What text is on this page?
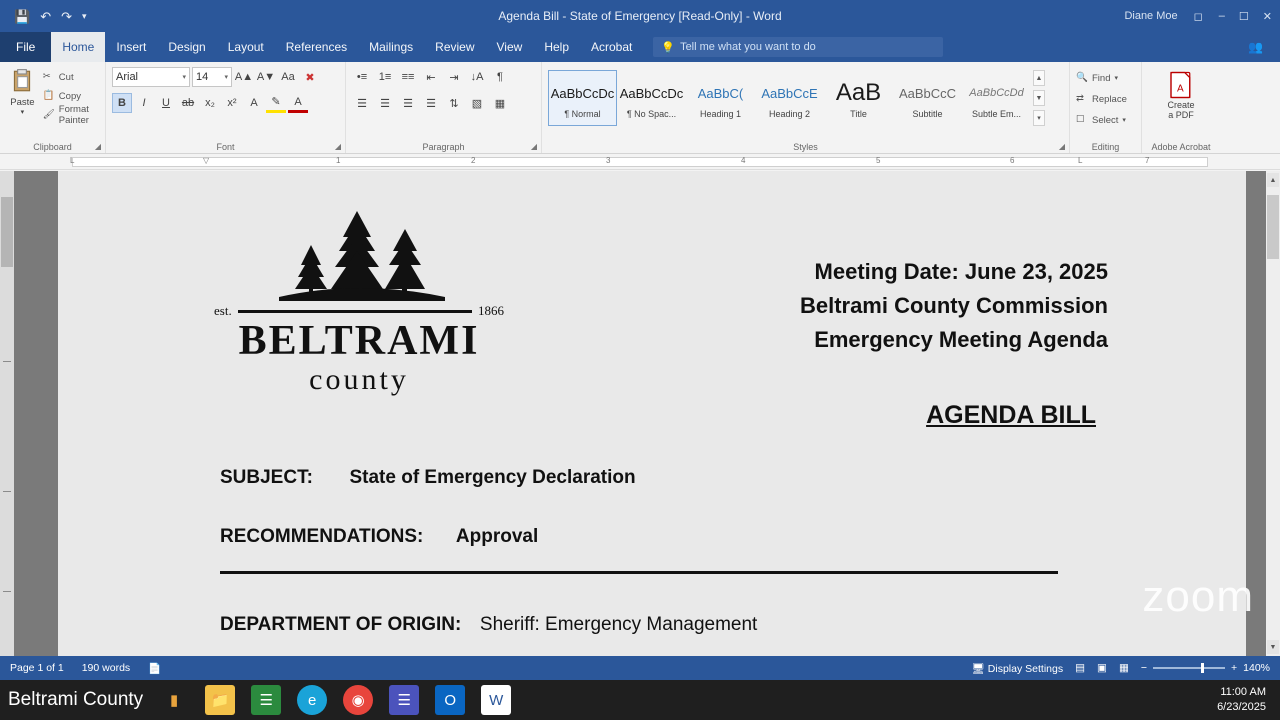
💾 ↶ ↷ ▾	Agenda Bill - State of Emergency [Read-Only] - Word	Diane Moe ◻ – ☐ ✕
File	Home	Insert	Design	Layout	References	Mailings	Review	View	Help	Acrobat	💡 Tell me what you want to do	👥
Paste
▾
✂ Cut
📋 Copy
🖌 Format Painter
Clipboard	◢
Arial	▾ 14 ▾ A▲ A▼ Aa ✖
B I U ab x₂	x²	A	✎	A
Font	◢
•≡	1≡ ≡≡	⇤	⇥	↓A	¶
☰	☰	☰	☰	⇅	▧	▦
Paragraph	◢
AaBbCcDc
¶ Normal
AaBbCcDc
¶ No Spac...
AaBbC(
Heading 1
AaBbCcE
Heading 2
AaB
Title
AaBbCcC
Subtitle
AaBbCcDd
Subtle Em...
▲
▼
▾
Styles	◢
🔍 Find ▾
⇄ Replace
☐ Select ▾
Editing
A
Create
a PDF
Adobe Acrobat
L	▽	1	2	3	4	5	6	7
L
est.	1866
BELTRAMI
county
Meeting Date: June 23, 2025
Beltrami County Commission
Emergency Meeting Agenda
AGENDA BILL
SUBJECT: State of Emergency Declaration
RECOMMENDATIONS: Approval
DEPARTMENT OF ORIGIN: Sheriff: Emergency Management
▲
▼
zoom
Page 1 of 1 190 words 📄	🖥 Display Settings ▤ ▣ ▦ −	+ 140%
Beltrami County	▮	📁	☰	e	◉	☰	O	W	11:00 AM
6/23/2025
